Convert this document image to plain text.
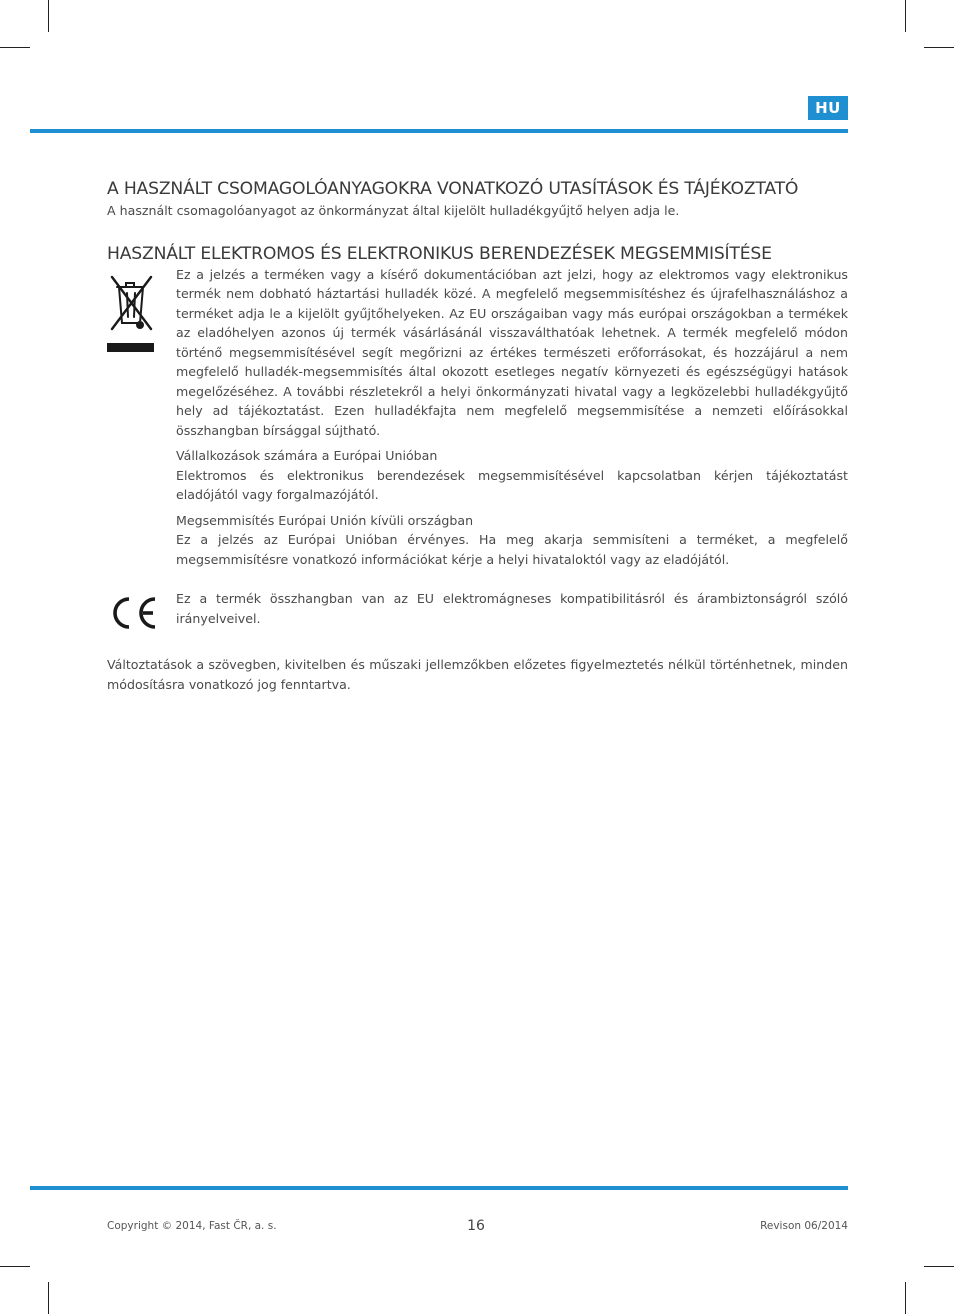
HU
A HASZNÁLT CSOMAGOLÓANYAGOKRA VONATKOZÓ UTASÍTÁSOK ÉS TÁJÉKOZTATÓ

A használt csomagolóanyagot az önkormányzat által kijelölt hulladékgyűjtő helyen adja le.

HASZNÁLT ELEKTROMOS ÉS ELEKTRONIKUS BERENDEZÉSEK MEGSEMMISÍTÉSE

Ez a jelzés a terméken vagy a kísérő dokumentációban azt jelzi, hogy az elektromos vagy elektronikus termék nem dobható háztartási hulladék közé. A megfelelő megsemmisítéshez és újrafelhasználáshoz a terméket adja le a kijelölt gyűjtőhelyeken. Az EU országaiban vagy más európai országokban a termékek az eladóhelyen azonos új termék vásárlásánál visszaválthatóak lehetnek. A termék megfelelő módon történő megsemmisítésével segít megőrizni az értékes természeti erőforrásokat, és hozzájárul a nem megfelelő hulladék-megsemmisítés által okozott esetleges negatív környezeti és egészségügyi hatások megelőzéséhez. A további részletekről a helyi önkormányzati hivatal vagy a legközelebbi hulladékgyűjtő hely ad tájékoztatást. Ezen hulladékfajta nem megfelelő megsemmisítése a nemzeti előírásokkal összhangban bírsággal sújtható.

Vállalkozások számára a Európai Unióban

Elektromos és elektronikus berendezések megsemmisítésével kapcsolatban kérjen tájékoztatást eladójától vagy forgalmazójától.

Megsemmisítés Európai Unión kívüli országban

Ez a jelzés az Európai Unióban érvényes. Ha meg akarja semmisíteni a terméket, a megfelelő megsemmisítésre vonatkozó információkat kérje a helyi hivataloktól vagy az eladójától.

Ez a termék összhangban van az EU elektromágneses kompatibilitásról és árambiztonságról szóló irányelveivel.

Változtatások a szövegben, kivitelben és műszaki jellemzőkben előzetes figyelmeztetés nélkül történhetnek, minden módosításra vonatkozó jog fenntartva.

Copyright © 2014, Fast ČR, a. s.	16	Revison 06/2014
